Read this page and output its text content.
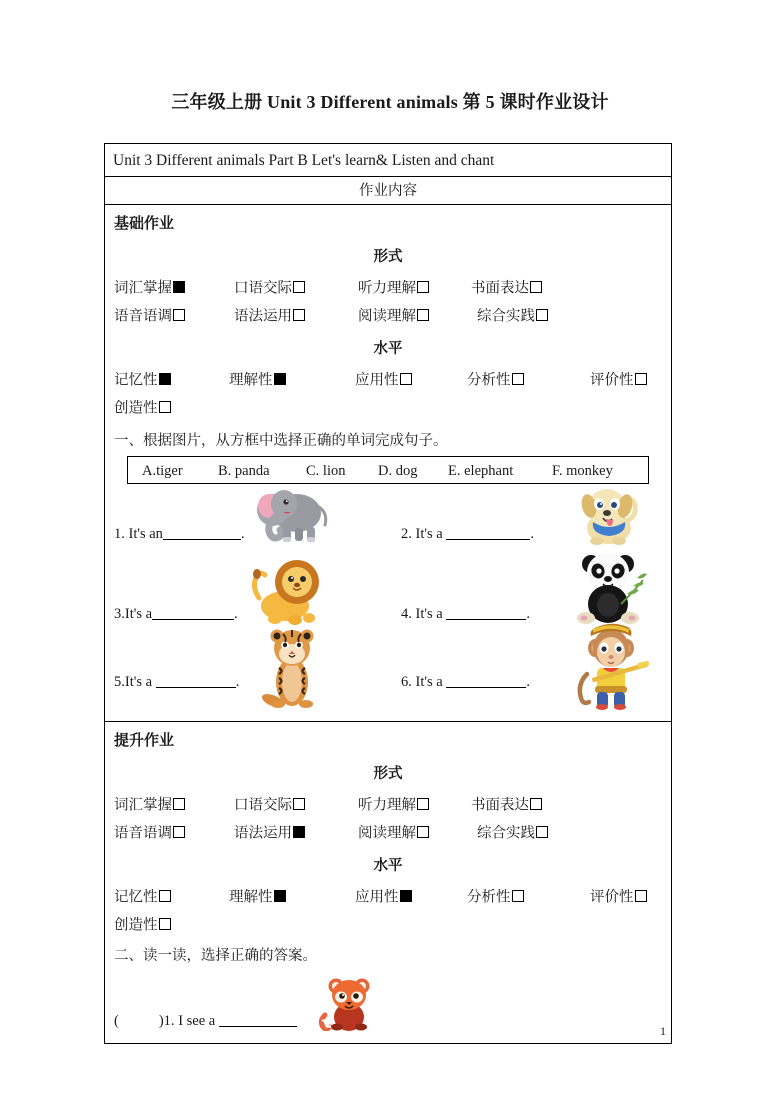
三年级上册 Unit 3 Different animals 第 5 课时作业设计
Unit 3 Different animals Part B Let's learn& Listen and chant
作业内容
基础作业
形式
词汇掌握	口语交际	听力理解	书面表达
语音语调	语法运用	阅读理解	综合实践
水平
记忆性	理解性	应用性	分析性	评价性
创造性
一、根据图片，从方框中选择正确的单词完成句子。
A.tiger B. panda	C. lion D. dog E. elephant	F. monkey
1. It's an	.	2. It's a	.
3.It's a	.	4. It's a	.
5.It's a	.	6. It's a	.
提升作业
形式
词汇掌握	口语交际	听力理解	书面表达
语音语调	语法运用	阅读理解	综合实践
水平
记忆性	理解性	应用性	分析性	评价性
创造性
二、读一读，选择正确的答案。
(	)1. I see a
1
